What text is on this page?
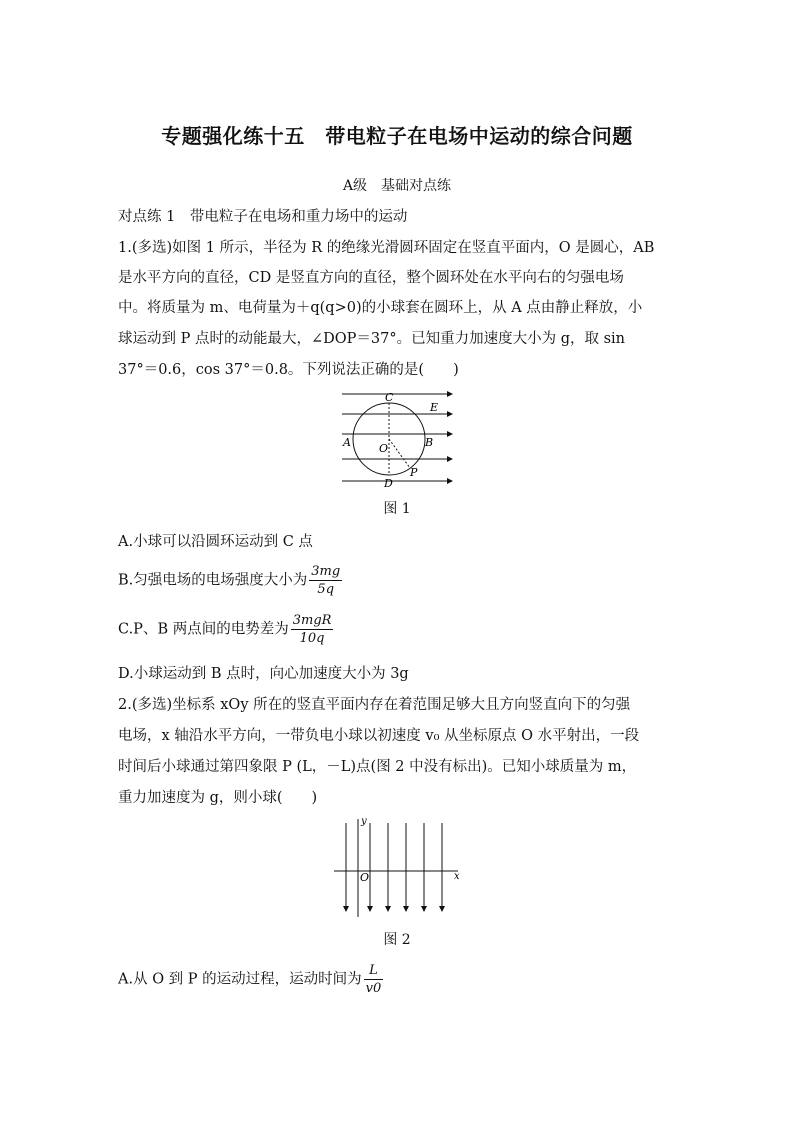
专题强化练十五　带电粒子在电场中运动的综合问题
A级　基础对点练
对点练 1　带电粒子在电场和重力场中的运动
1.(多选)如图 1 所示，半径为 R 的绝缘光滑圆环固定在竖直平面内，O 是圆心，AB
是水平方向的直径，CD 是竖直方向的直径，整个圆环处在水平向右的匀强电场
中。将质量为 m、电荷量为＋q(q>0)的小球套在圆环上，从 A 点由静止释放，小
球运动到 P 点时的动能最大，∠DOP＝37°。已知重力加速度大小为 g，取 sin
37°＝0.6，cos 37°＝0.8。下列说法正确的是(　　)
C
E
A	B
O
P
D
图 1
A.小球可以沿圆环运动到 C 点
B.匀强电场的电场强度大小为 $\frac{3mg}{5q}$
C.P、B 两点间的电势差为 $\frac{\text{3mgR}}{10q}$
D.小球运动到 B 点时，向心加速度大小为 3g
2.(多选)坐标系 xOy 所在的竖直平面内存在着范围足够大且方向竖直向下的匀强
电场，x 轴沿水平方向，一带负电小球以初速度 v₀ 从坐标原点 O 水平射出，一段
时间后小球通过第四象限 P (L，－L)点(图 2 中没有标出)。已知小球质量为 m，
重力加速度为 g，则小球(　　)
y
x
O
图 2
A.从 O 到 P 的运动过程，运动时间为 $\frac{L}{v0}$
